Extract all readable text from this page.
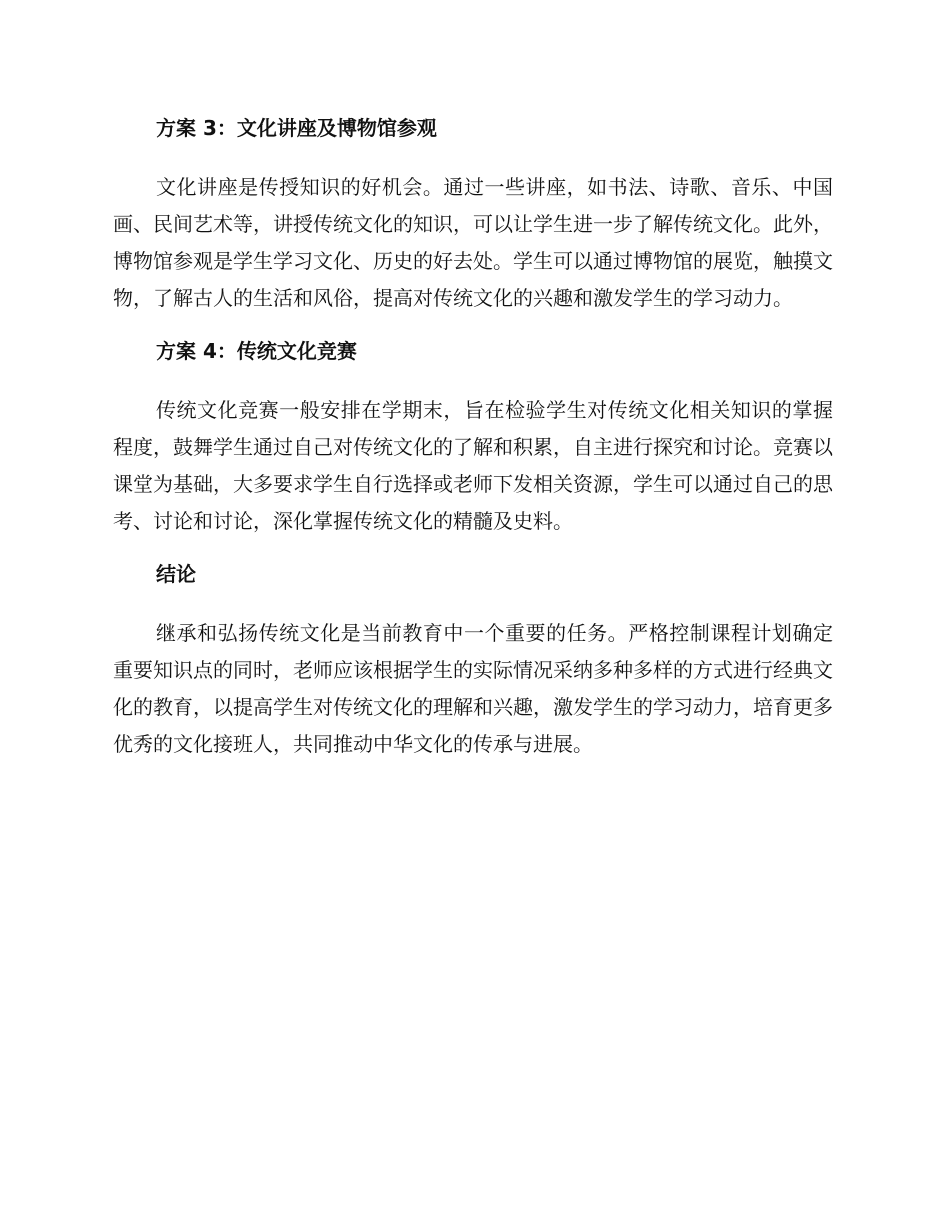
方案 3：文化讲座及博物馆参观

文化讲座是传授知识的好机会。通过一些讲座，如书法、诗歌、音乐、中国画、民间艺术等，讲授传统文化的知识，可以让学生进一步了解传统文化。此外，博物馆参观是学生学习文化、历史的好去处。学生可以通过博物馆的展览，触摸文物，了解古人的生活和风俗，提高对传统文化的兴趣和激发学生的学习动力。

方案 4：传统文化竞赛

传统文化竞赛一般安排在学期末，旨在检验学生对传统文化相关知识的掌握程度，鼓舞学生通过自己对传统文化的了解和积累，自主进行探究和讨论。竞赛以课堂为基础，大多要求学生自行选择或老师下发相关资源，学生可以通过自己的思考、讨论和讨论，深化掌握传统文化的精髓及史料。

结论

继承和弘扬传统文化是当前教育中一个重要的任务。严格控制课程计划确定重要知识点的同时，老师应该根据学生的实际情况采纳多种多样的方式进行经典文化的教育，以提高学生对传统文化的理解和兴趣，激发学生的学习动力，培育更多优秀的文化接班人，共同推动中华文化的传承与进展。
